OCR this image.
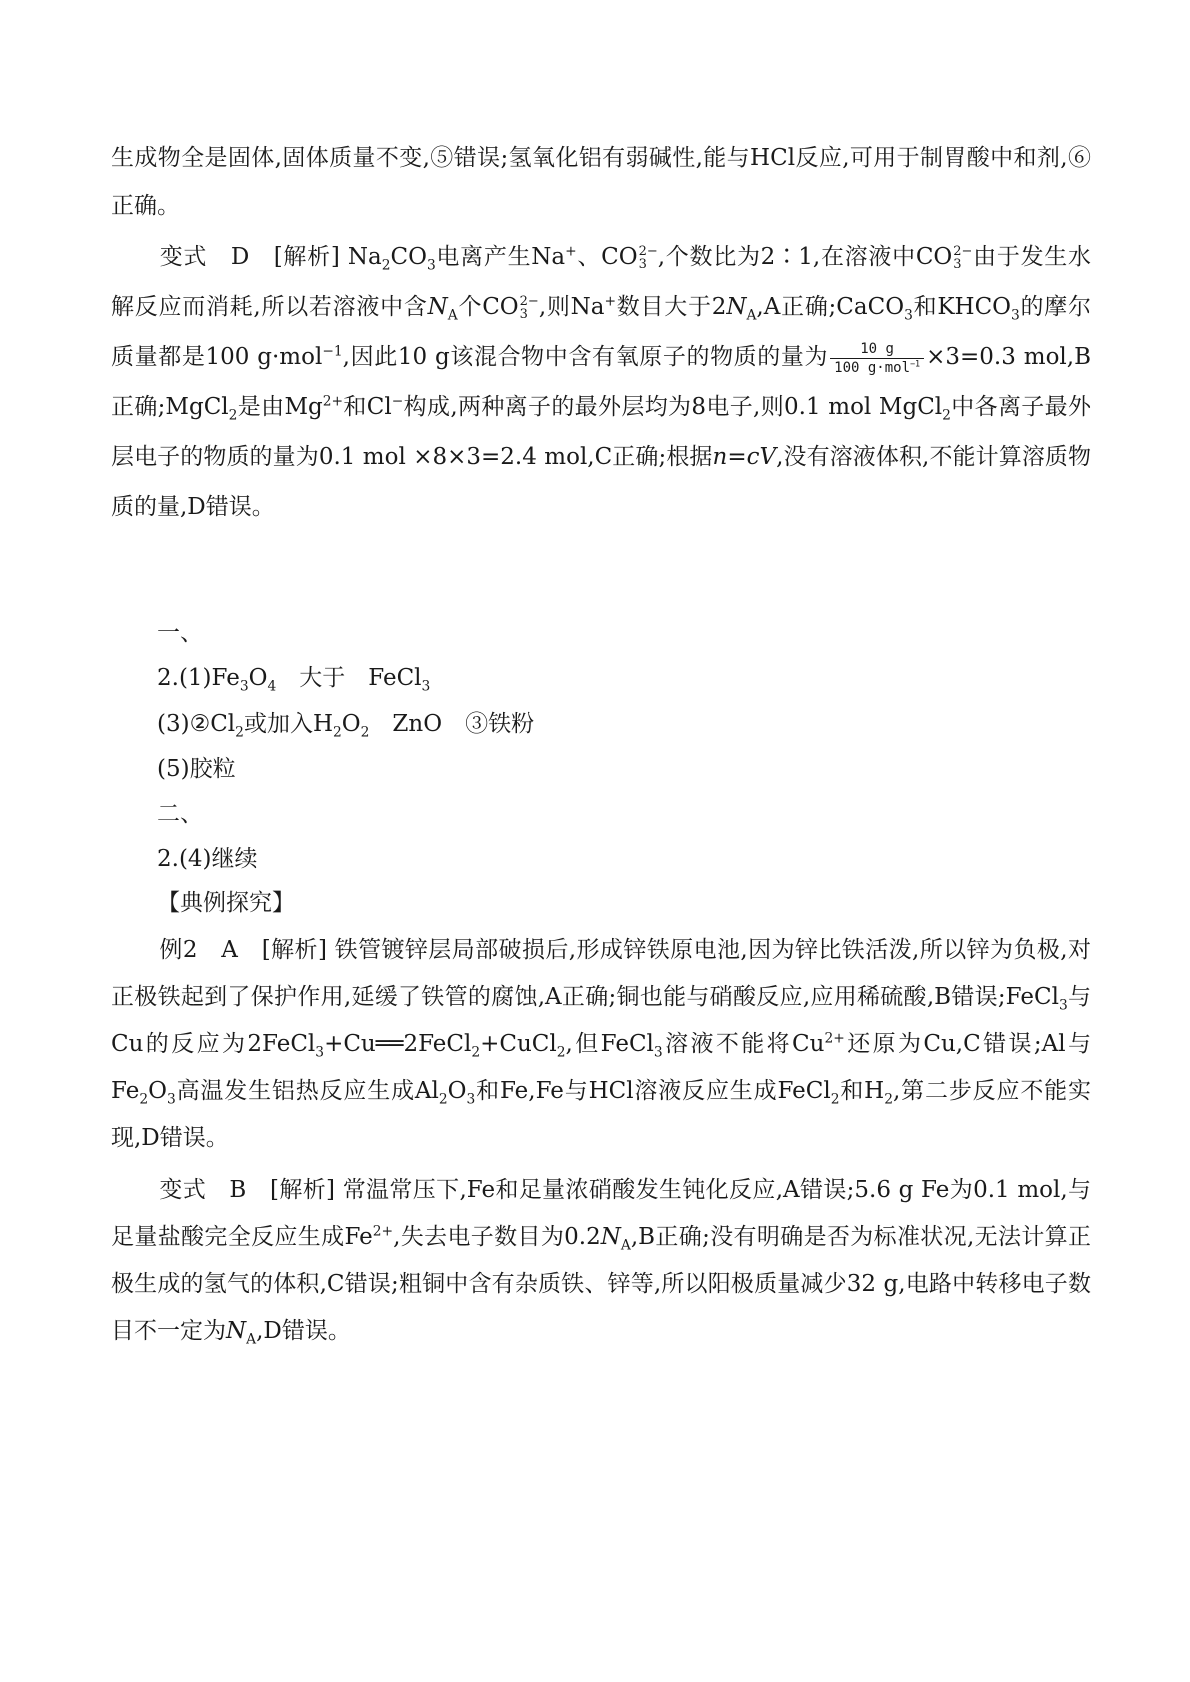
生成物全是固体,固体质量不变,⑤错误;氢氧化铝有弱碱性,能与HCl反应,可用于制胃酸中和剂,⑥正确。

变式　D　[解析] $Na_2CO_3$电离产生Na+、CO 2−
3 ,个数比为2∶1,在溶液中CO 2−
3 由于发生水解反应而消耗,所以若溶液中含$N_A$个CO 2−
3 ,则Na+数目大于$2N_A,A$正确;CaCO$_3$和$KHCO_3$的摩尔质量都是100 g·mol$^{-1}$,因此10 g该混合物中含有氧原子的物质的量为 $\frac{10 g}{100 g\cdot mol^{-1}} \times 3=0.3$ mol,B正确;MgCl$_2$是由$Mg^{2+}$和Cl−构成,两种离子的最外层均为8电子,则0.1 mol MgCl$_2$中各离子最外层电子的物质的量为0.1 mol ×8×3=2.4 mol,C正确;根据n=cV,没有溶液体积,不能计算溶质物质的量,D错误。

一、

$2.(1)Fe_3O_4$　大于　FeCl$_3$

$(3)②Cl_2$或加入$H_2O_2$　ZnO　③铁粉

(5)胶粒

二、

2.(4)继续

【典例探究】

例2　A　[解析] 铁管镀锌层局部破损后,形成锌铁原电池,因为锌比铁活泼,所以锌为负极,对正极铁起到了保护作用,延缓了铁管的腐蚀,A正确;铜也能与硝酸反应,应用稀硫酸,B错误;FeCl$_3$与Cu的反应为2FeCl$_3$+Cu══2FeCl$_2$+CuCl$_2$,但FeCl$_3$溶液不能将$Cu^{2+}$还原为Cu,C错误;Al与$Fe_2O_3$高温发生铝热反应生成$Al_2O_3$和Fe,Fe与HCl溶液反应生成FeCl$_2$和$H_2$,第二步反应不能实现,D错误。

变式　B　[解析] 常温常压下,Fe和足量浓硝酸发生钝化反应,A错误;5.6 g Fe为0.1 mol,与足量盐酸完全反应生成$Fe^{2+}$,失去电子数目为$0.2N_A,B$正确;没有明确是否为标准状况,无法计算正极生成的氢气的体积,C错误;粗铜中含有杂质铁、锌等,所以阳极质量减少32 g,电路中转移电子数目不一定为$N_A,D$错误。
